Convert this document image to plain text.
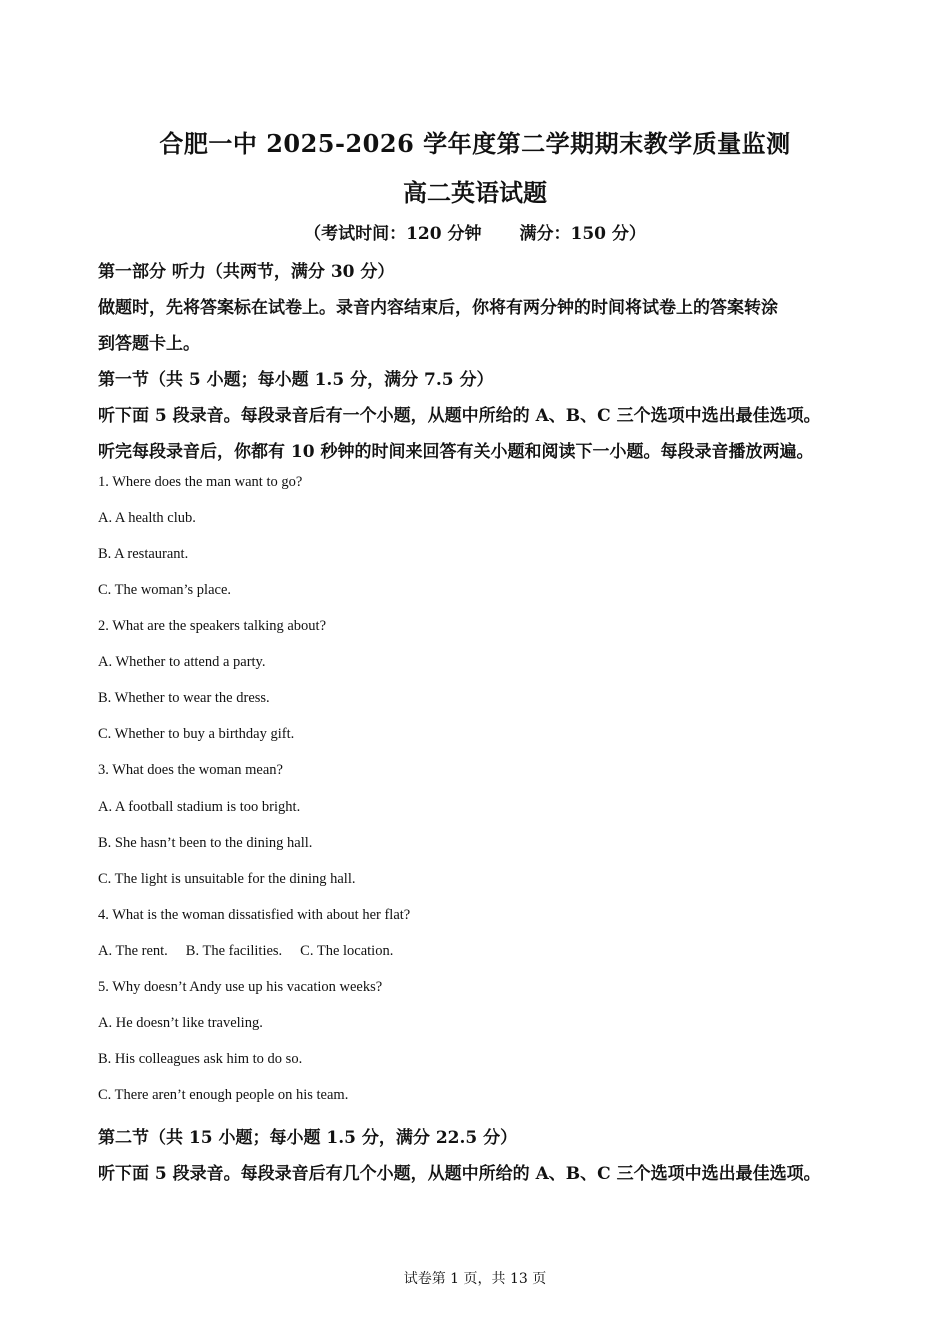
合肥一中 2025-2026 学年度第二学期期末教学质量监测
高二英语试题
（考试时间：120 分钟 满分：150 分）
第一部分 听力（共两节，满分 30 分）
做题时，先将答案标在试卷上。录音内容结束后，你将有两分钟的时间将试卷上的答案转涂
到答题卡上。
第一节（共 5 小题；每小题 1.5 分，满分 7.5 分）
听下面 5 段录音。每段录音后有一个小题，从题中所给的 A、B、C 三个选项中选出最佳选项。
听完每段录音后，你都有 10 秒钟的时间来回答有关小题和阅读下一小题。每段录音播放两遍。
1. Where does the man want to go?
A. A health club.
B. A restaurant.
C. The woman’s place.
2. What are the speakers talking about?
A. Whether to attend a party.
B. Whether to wear the dress.
C. Whether to buy a birthday gift.
3. What does the woman mean?
A. A football stadium is too bright.
B. She hasn’t been to the dining hall.
C. The light is unsuitable for the dining hall.
4. What is the woman dissatisfied with about her flat?
A. The rent. B. The facilities. C. The location.
5. Why doesn’t Andy use up his vacation weeks?
A. He doesn’t like traveling.
B. His colleagues ask him to do so.
C. There aren’t enough people on his team.
第二节（共 15 小题；每小题 1.5 分，满分 22.5 分）
听下面 5 段录音。每段录音后有几个小题，从题中所给的 A、B、C 三个选项中选出最佳选项。
试卷第 1 页，共 13 页
